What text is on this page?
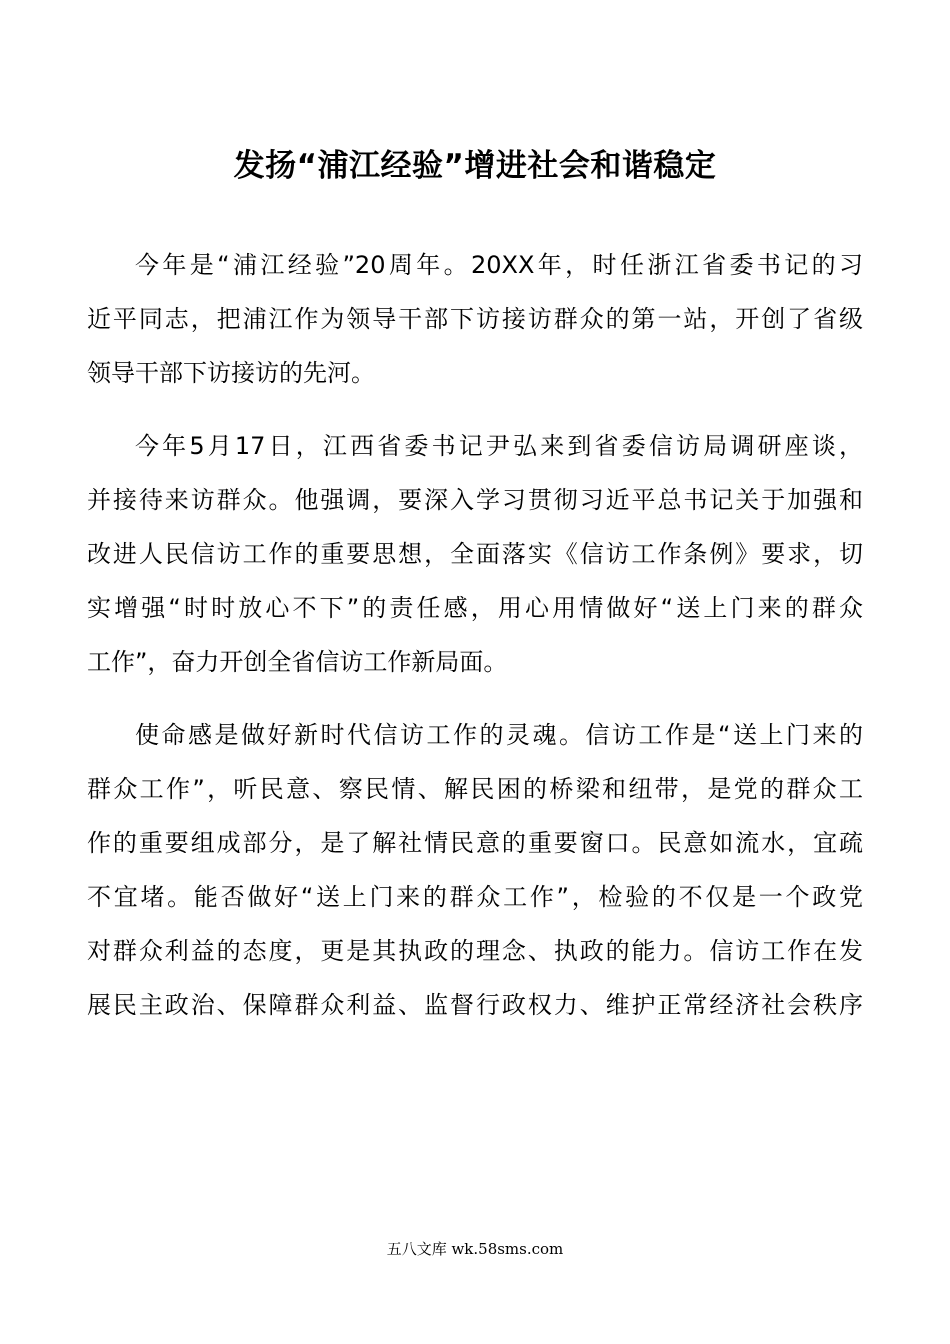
发扬“浦江经验”增进社会和谐稳定
今年是“浦江经验”20周年。20XX年，时任浙江省委书记的习
近平同志，把浦江作为领导干部下访接访群众的第一站，开创了省级
领导干部下访接访的先河。
今年5月17日，江西省委书记尹弘来到省委信访局调研座谈，
并接待来访群众。他强调，要深入学习贯彻习近平总书记关于加强和
改进人民信访工作的重要思想，全面落实《信访工作条例》要求，切
实增强“时时放心不下”的责任感，用心用情做好“送上门来的群众
工作”，奋力开创全省信访工作新局面。
使命感是做好新时代信访工作的灵魂。信访工作是“送上门来的
群众工作”，听民意、察民情、解民困的桥梁和纽带，是党的群众工
作的重要组成部分，是了解社情民意的重要窗口。民意如流水，宜疏
不宜堵。能否做好“送上门来的群众工作”，检验的不仅是一个政党
对群众利益的态度，更是其执政的理念、执政的能力。信访工作在发
展民主政治、保障群众利益、监督行政权力、维护正常经济社会秩序
五八文库 wk.58sms.com
